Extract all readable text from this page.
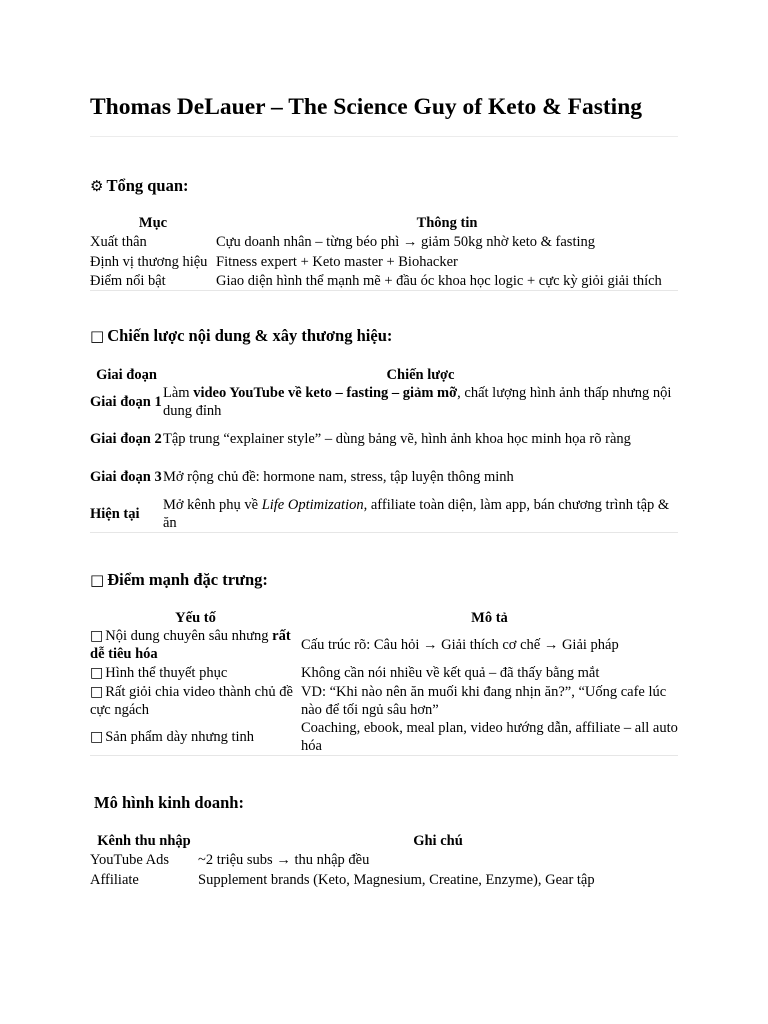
Thomas DeLauer – The Science Guy of Keto & Fasting
⚙ Tổng quan:
Mục	Thông tin
Xuất thân	Cựu doanh nhân – từng béo phì → giảm 50kg nhờ keto & fasting
Định vị thương hiệu	Fitness expert + Keto master + Biohacker
Điểm nổi bật	Giao diện hình thể mạnh mẽ + đầu óc khoa học logic + cực kỳ giỏi giải thích
□ Chiến lược nội dung & xây thương hiệu:
Giai đoạn	Chiến lược
Giai đoạn 1	Làm video YouTube về keto – fasting – giảm mỡ, chất lượng hình ảnh thấp nhưng nội dung đỉnh
Giai đoạn 2	Tập trung “explainer style” – dùng bảng vẽ, hình ảnh khoa học minh họa rõ ràng
Giai đoạn 3	Mở rộng chủ đề: hormone nam, stress, tập luyện thông minh
Hiện tại	Mở kênh phụ về Life Optimization, affiliate toàn diện, làm app, bán chương trình tập & ăn
□ Điểm mạnh đặc trưng:
Yếu tố	Mô tả
□ Nội dung chuyên sâu nhưng rất dễ tiêu hóa	Cấu trúc rõ: Câu hỏi → Giải thích cơ chế → Giải pháp
□ Hình thể thuyết phục	Không cần nói nhiều về kết quả – đã thấy bằng mắt
□ Rất giỏi chia video thành chủ đề cực ngách	VD: “Khi nào nên ăn muối khi đang nhịn ăn?”, “Uống cafe lúc nào để tối ngủ sâu hơn”
□ Sản phẩm dày nhưng tinh	Coaching, ebook, meal plan, video hướng dẫn, affiliate – all auto hóa
Mô hình kinh doanh:
Kênh thu nhập	Ghi chú
YouTube Ads	~2 triệu subs → thu nhập đều
Affiliate	Supplement brands (Keto, Magnesium, Creatine, Enzyme), Gear tập
